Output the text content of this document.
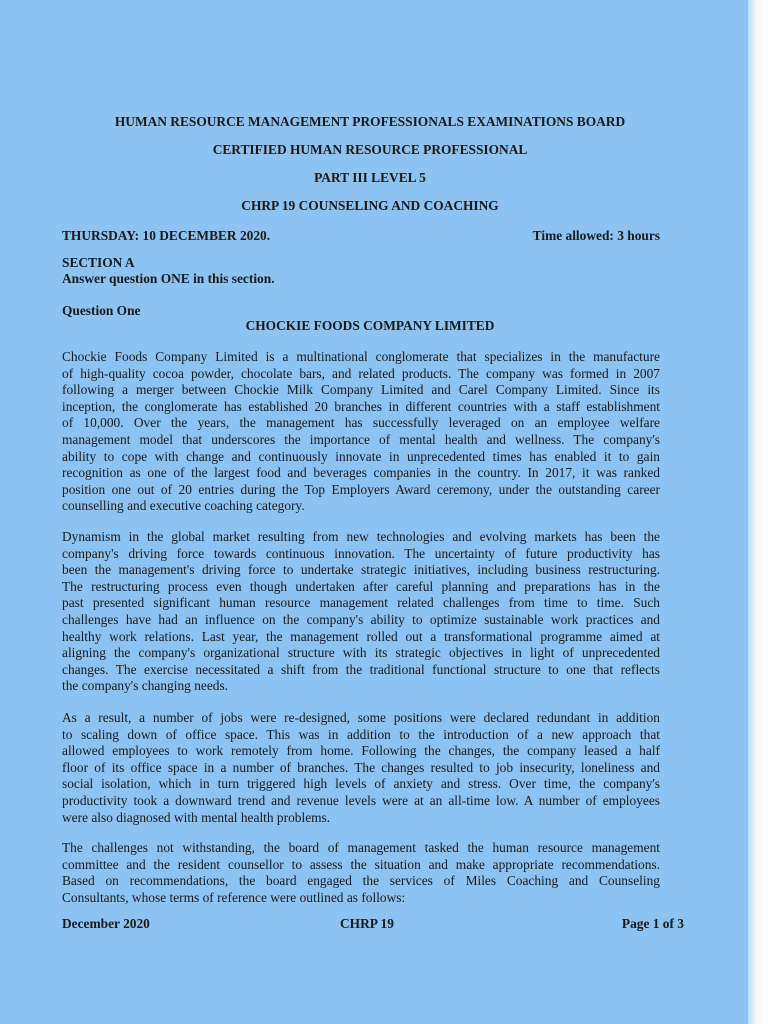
HUMAN RESOURCE MANAGEMENT PROFESSIONALS EXAMINATIONS BOARD
CERTIFIED HUMAN RESOURCE PROFESSIONAL
PART III LEVEL 5
CHRP 19 COUNSELING AND COACHING
THURSDAY: 10 DECEMBER 2020.	Time allowed: 3 hours
SECTION A
Answer question ONE in this section.
Question One
CHOCKIE FOODS COMPANY LIMITED
Chockie Foods Company Limited is a multinational conglomerate that specializes in the manufacture
of high-quality cocoa powder, chocolate bars, and related products. The company was formed in 2007
following a merger between Chockie Milk Company Limited and Carel Company Limited. Since its
inception, the conglomerate has established 20 branches in different countries with a staff establishment
of 10,000. Over the years, the management has successfully leveraged on an employee welfare
management model that underscores the importance of mental health and wellness. The company's
ability to cope with change and continuously innovate in unprecedented times has enabled it to gain
recognition as one of the largest food and beverages companies in the country. In 2017, it was ranked
position one out of 20 entries during the Top Employers Award ceremony, under the outstanding career
counselling and executive coaching category.
Dynamism in the global market resulting from new technologies and evolving markets has been the
company's driving force towards continuous innovation. The uncertainty of future productivity has
been the management's driving force to undertake strategic initiatives, including business restructuring.
The restructuring process even though undertaken after careful planning and preparations has in the
past presented significant human resource management related challenges from time to time. Such
challenges have had an influence on the company's ability to optimize sustainable work practices and
healthy work relations. Last year, the management rolled out a transformational programme aimed at
aligning the company's organizational structure with its strategic objectives in light of unprecedented
changes. The exercise necessitated a shift from the traditional functional structure to one that reflects
the company's changing needs.
As a result, a number of jobs were re-designed, some positions were declared redundant in addition
to scaling down of office space. This was in addition to the introduction of a new approach that
allowed employees to work remotely from home. Following the changes, the company leased a half
floor of its office space in a number of branches. The changes resulted to job insecurity, loneliness and
social isolation, which in turn triggered high levels of anxiety and stress. Over time, the company's
productivity took a downward trend and revenue levels were at an all-time low. A number of employees
were also diagnosed with mental health problems.
The challenges not withstanding, the board of management tasked the human resource management
committee and the resident counsellor to assess the situation and make appropriate recommendations.
Based on recommendations, the board engaged the services of Miles Coaching and Counseling
Consultants, whose terms of reference were outlined as follows:
December 2020	CHRP 19	Page 1 of 3
